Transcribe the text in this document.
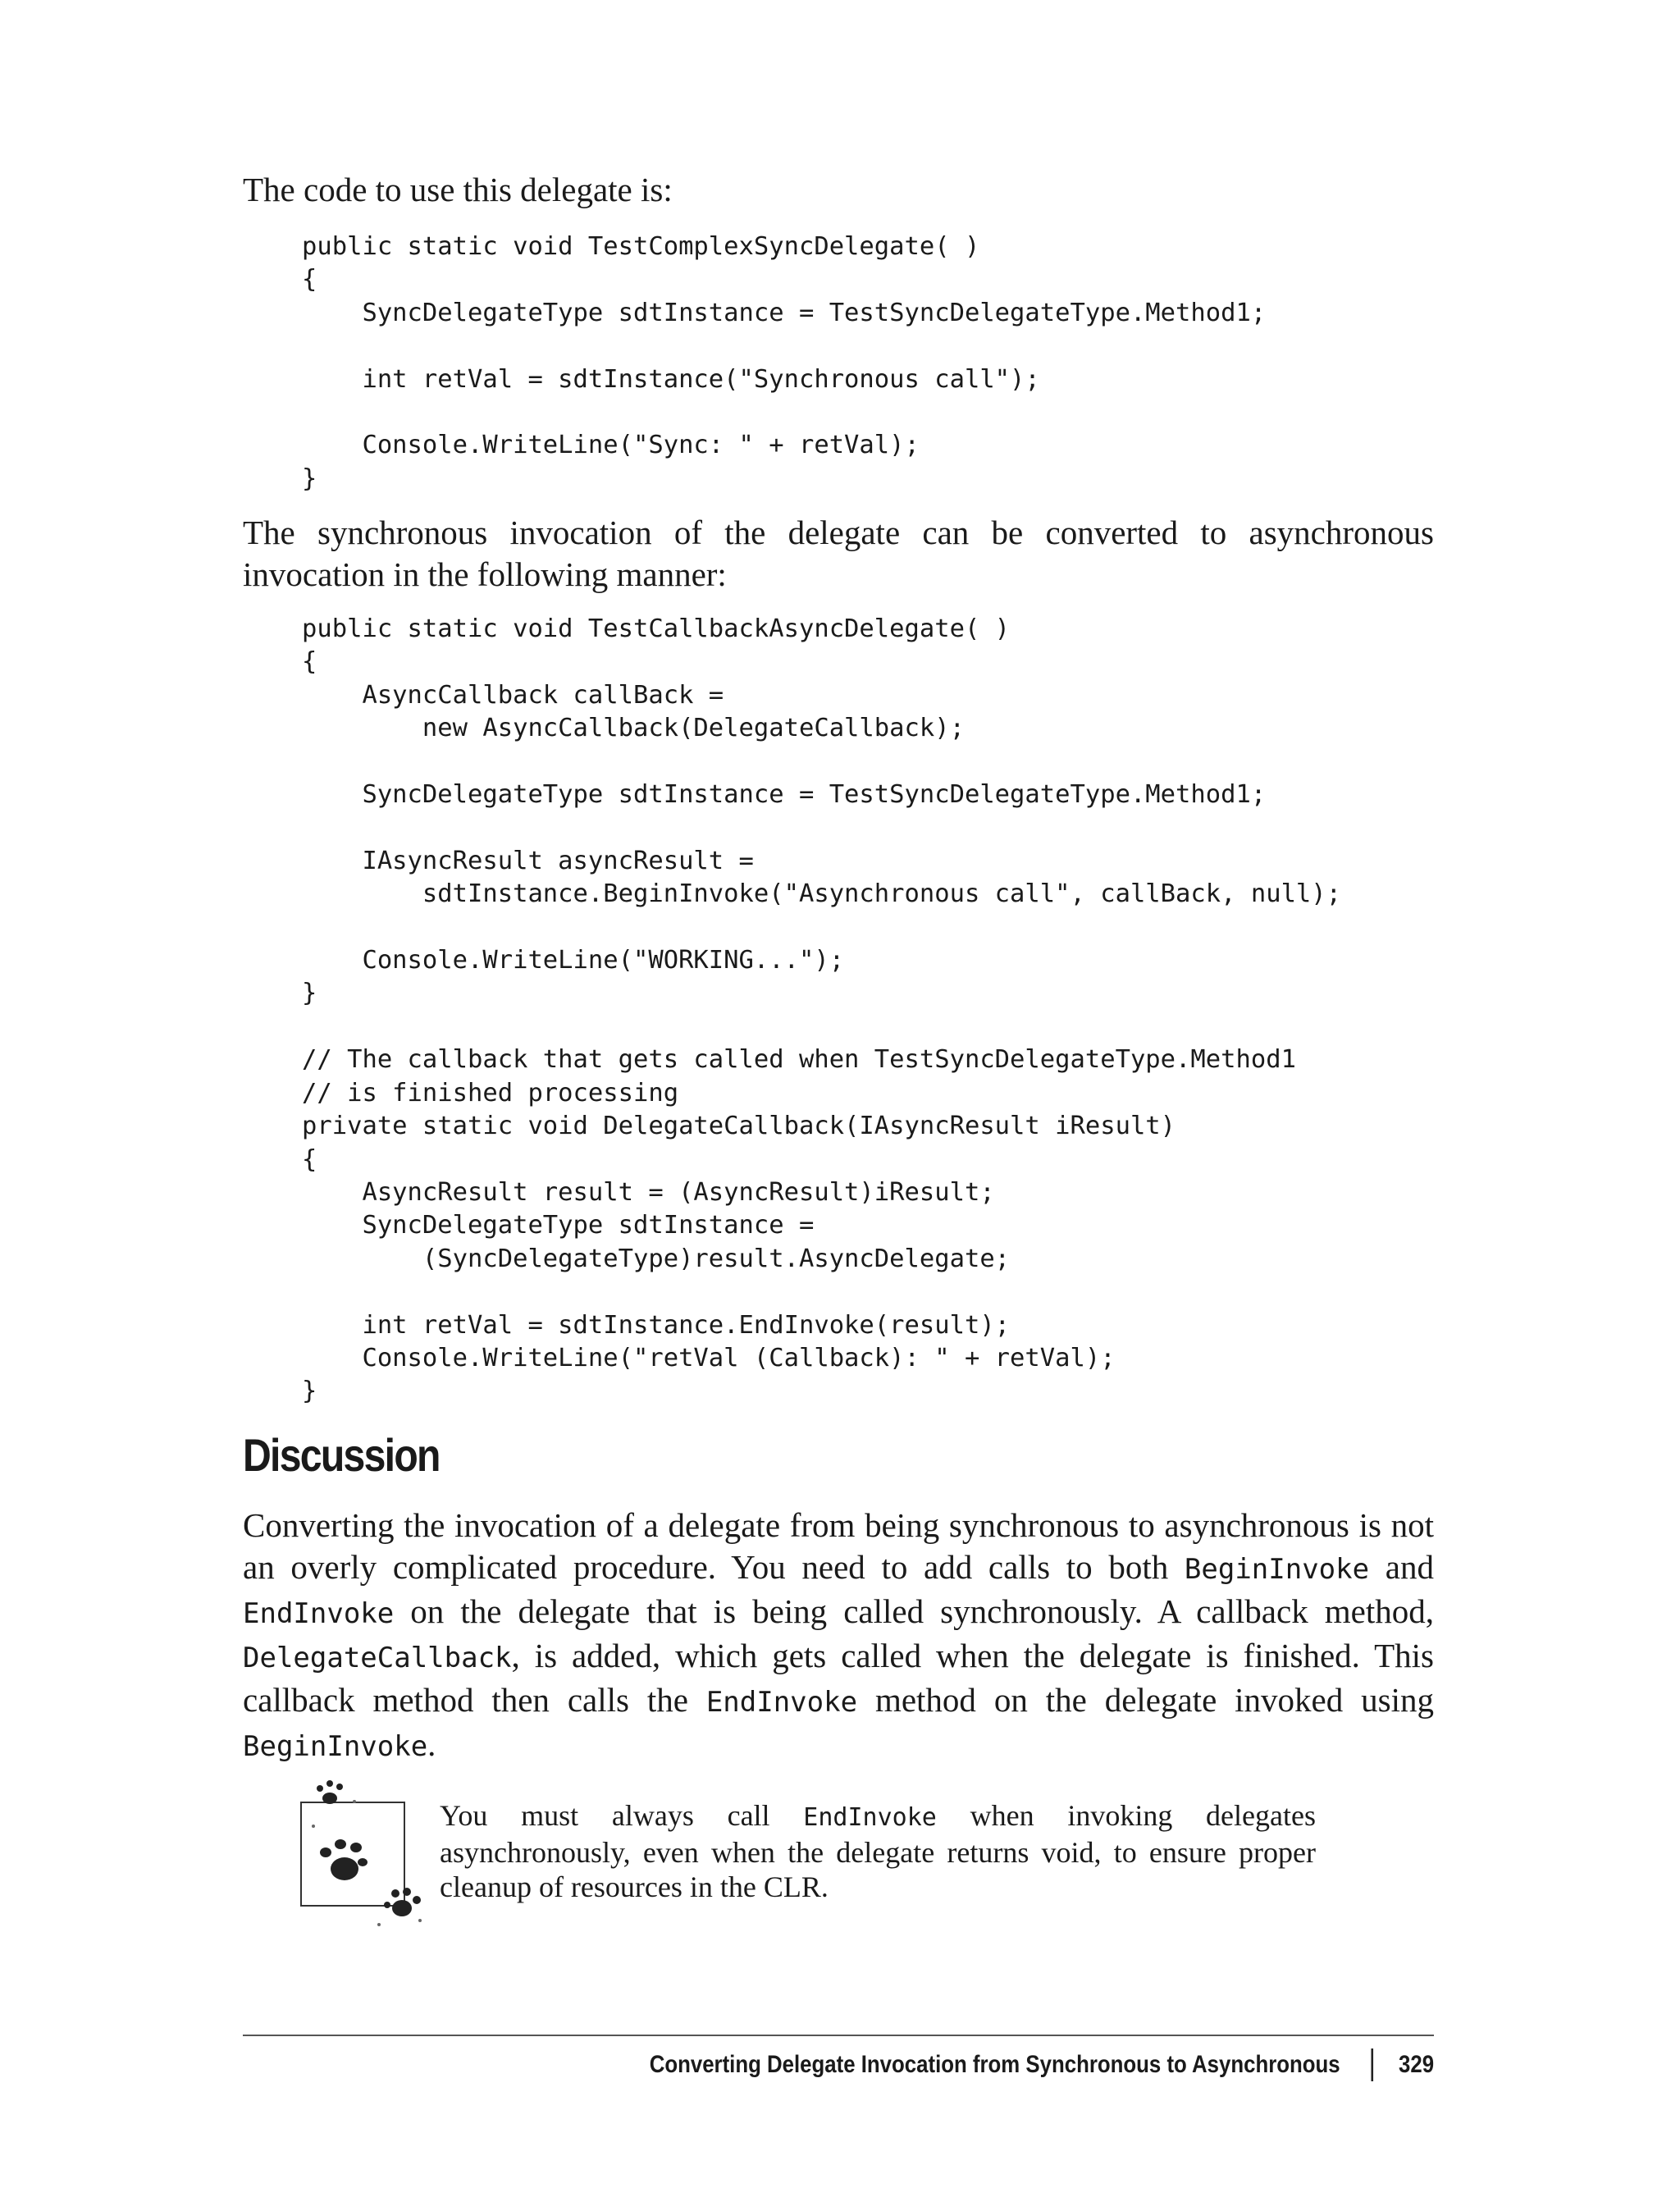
The code to use this delegate is:

public static void TestComplexSyncDelegate( )
{
SyncDelegateType sdtInstance = TestSyncDelegateType.Method1;

int retVal = sdtInstance("Synchronous call");

Console.WriteLine("Sync: " + retVal);
}

The synchronous invocation of the delegate can be converted to asynchronous invocation in the following manner:

public static void TestCallbackAsyncDelegate( )
{
AsyncCallback callBack =
new AsyncCallback(DelegateCallback);

SyncDelegateType sdtInstance = TestSyncDelegateType.Method1;

IAsyncResult asyncResult =
sdtInstance.BeginInvoke("Asynchronous call", callBack, null);

Console.WriteLine("WORKING...");
}

// The callback that gets called when TestSyncDelegateType.Method1
// is finished processing
private static void DelegateCallback(IAsyncResult iResult)
{
AsyncResult result = (AsyncResult)iResult;
SyncDelegateType sdtInstance =
(SyncDelegateType)result.AsyncDelegate;

int retVal = sdtInstance.EndInvoke(result);
Console.WriteLine("retVal (Callback): " + retVal);
}
Discussion

Converting the invocation of a delegate from being synchronous to asynchronous is not an overly complicated procedure. You need to add calls to both BeginInvoke and EndInvoke on the delegate that is being called synchronously. A callback method, DelegateCallback, is added, which gets called when the delegate is finished. This callback method then calls the EndInvoke method on the delegate invoked using BeginInvoke.

You must always call EndInvoke when invoking delegates asynchronously, even when the delegate returns void, to ensure proper cleanup of resources in the CLR.

Converting Delegate Invocation from Synchronous to Asynchronous 329
